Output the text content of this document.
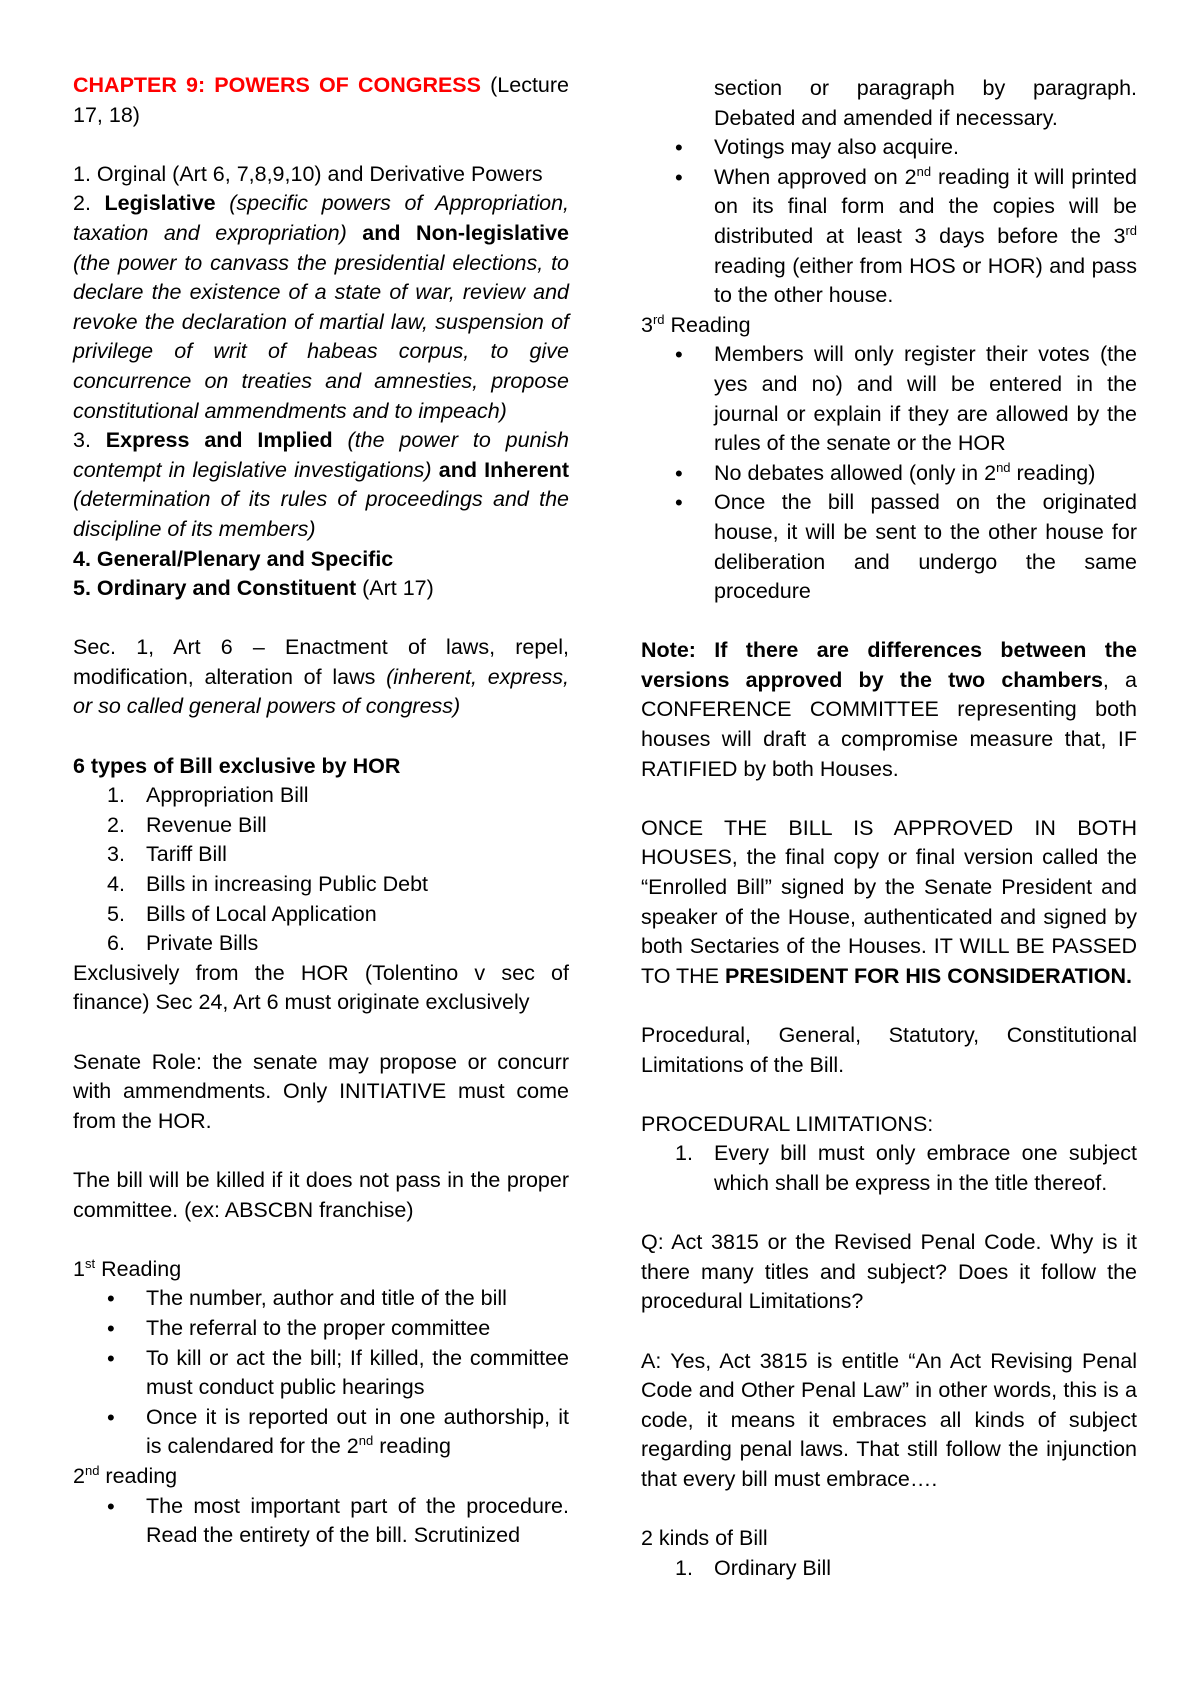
CHAPTER 9: POWERS OF CONGRESS (Lecture 17, 18)

1. Orginal (Art 6, 7,8,9,10) and Derivative Powers

2. Legislative (specific powers of Appropriation, taxation and expropriation) and Non-legislative (the power to canvass the presidential elections, to declare the existence of a state of war, review and revoke the declaration of martial law, suspension of privilege of writ of habeas corpus, to give concurrence on treaties and amnesties, propose constitutional ammendments and to impeach)

3. Express and Implied (the power to punish contempt in legislative investigations) and Inherent (determination of its rules of proceedings and the discipline of its members)

4. General/Plenary and Specific

5. Ordinary and Constituent (Art 17)

Sec. 1, Art 6 – Enactment of laws, repel, modification, alteration of laws (inherent, express, or so called general powers of congress)

6 types of Bill exclusive by HOR

1. Appropriation Bill
2. Revenue Bill
3. Tariff Bill
4. Bills in increasing Public Debt
5. Bills of Local Application
6. Private Bills

Exclusively from the HOR (Tolentino v sec of finance) Sec 24, Art 6 must originate exclusively

Senate Role: the senate may propose or concurr with ammendments. Only INITIATIVE must come from the HOR.

The bill will be killed if it does not pass in the proper committee. (ex: ABSCBN franchise)

1st Reading

• The number, author and title of the bill
• The referral to the proper committee
• To kill or act the bill; If killed, the committee must conduct public hearings
• Once it is reported out in one authorship, it is calendared for the 2nd reading

2nd reading

• The most important part of the procedure. Read the entirety of the bill. Scrutinized

section or paragraph by paragraph. Debated and amended if necessary.

• Votings may also acquire.
• When approved on 2nd reading it will printed on its final form and the copies will be distributed at least 3 days before the 3rd reading (either from HOS or HOR) and pass to the other house.

3rd Reading

• Members will only register their votes (the yes and no) and will be entered in the journal or explain if they are allowed by the rules of the senate or the HOR
• No debates allowed (only in 2nd reading)
• Once the bill passed on the originated house, it will be sent to the other house for deliberation and undergo the same procedure

Note: If there are differences between the versions approved by the two chambers, a CONFERENCE COMMITTEE representing both houses will draft a compromise measure that, IF RATIFIED by both Houses.

ONCE THE BILL IS APPROVED IN BOTH HOUSES, the final copy or final version called the “Enrolled Bill” signed by the Senate President and speaker of the House, authenticated and signed by both Sectaries of the Houses. IT WILL BE PASSED TO THE PRESIDENT FOR HIS CONSIDERATION.

Procedural, General, Statutory, Constitutional Limitations of the Bill.

PROCEDURAL LIMITATIONS:

1. Every bill must only embrace one subject which shall be express in the title thereof.

Q: Act 3815 or the Revised Penal Code. Why is it there many titles and subject? Does it follow the procedural Limitations?

A: Yes, Act 3815 is entitle “An Act Revising Penal Code and Other Penal Law” in other words, this is a code, it means it embraces all kinds of subject regarding penal laws. That still follow the injunction that every bill must embrace….

2 kinds of Bill

1. Ordinary Bill
